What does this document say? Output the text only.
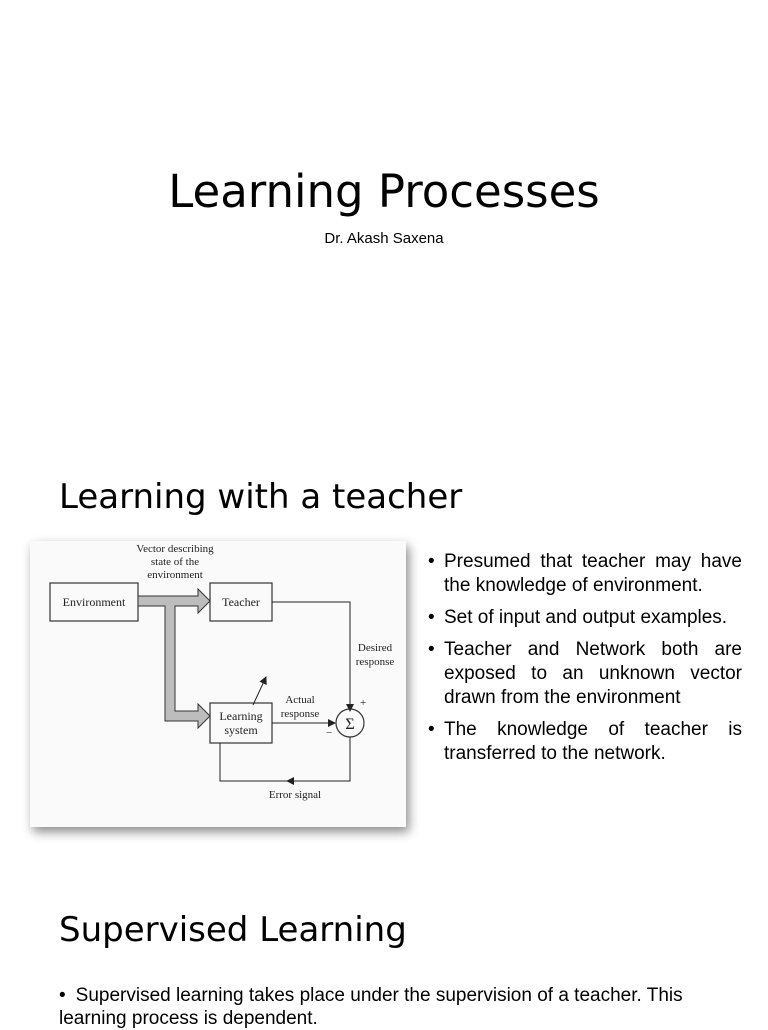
Learning Processes
Dr. Akash Saxena
Learning with a teacher
Vector describing
state of the
environment
Environment	Teacher
Learning
system
Desired
response
Actual
response
Σ
+
−
Error signal
• Presumed that teacher may have the knowledge of environment.
• Set of input and output examples.
• Teacher and Network both are exposed to an unknown vector drawn from the environment
• The knowledge of teacher is transferred to the network.
Supervised Learning
• Supervised learning takes place under the supervision of a teacher. This learning process is dependent.
